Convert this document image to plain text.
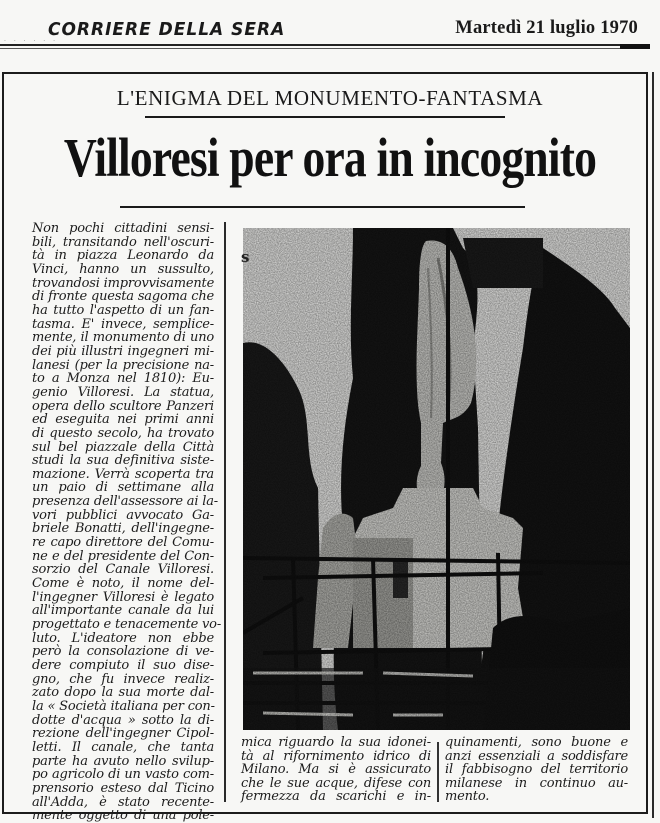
. . . . . .
CORRIERE DELLA SERA	Martedì 21 luglio 1970
L'ENIGMA DEL MONUMENTO-FANTASMA
Villoresi per ora in incognito
Non pochi cittadini sensi-
bili, transitando nell'oscuri-
tà in piazza Leonardo da
Vinci, hanno un sussulto,
trovandosi improvvisamente
di fronte questa sagoma che
ha tutto l'aspetto di un fan-
tasma. E' invece, semplice-
mente, il monumento di uno
dei più illustri ingegneri mi-
lanesi (per la precisione na-
to a Monza nel 1810): Eu-
genio Villoresi. La statua,
opera dello scultore Panzeri
ed eseguita nei primi anni
di questo secolo, ha trovato
sul bel piazzale della Città
studi la sua definitiva siste-
mazione. Verrà scoperta tra
un paio di settimane alla
presenza dell'assessore ai la-
vori pubblici avvocato Ga-
briele Bonatti, dell'ingegne-
re capo direttore del Comu-
ne e del presidente del Con-
sorzio del Canale Villoresi.
Come è noto, il nome del-
l'ingegner Villoresi è legato
all'importante canale da lui
progettato e tenacemente vo-
luto. L'ideatore non ebbe
però la consolazione di ve-
dere compiuto il suo dise-
gno, che fu invece realiz-
zato dopo la sua morte dal-
la « Società italiana per con-
dotte d'acqua » sotto la di-
rezione dell'ingegner Cipol-
letti. Il canale, che tanta
parte ha avuto nello svilup-
po agricolo di un vasto com-
prensorio esteso dal Ticino
all'Adda, è stato recente-
mente oggetto di una pole-
s
mica riguardo la sua idonei-
tà al rifornimento idrico di
Milano. Ma si è assicurato
che le sue acque, difese con
fermezza da scarichi e in-
quinamenti, sono buone e
anzi essenziali a soddisfare
il fabbisogno del territorio
milanese in continuo au-
mento.
